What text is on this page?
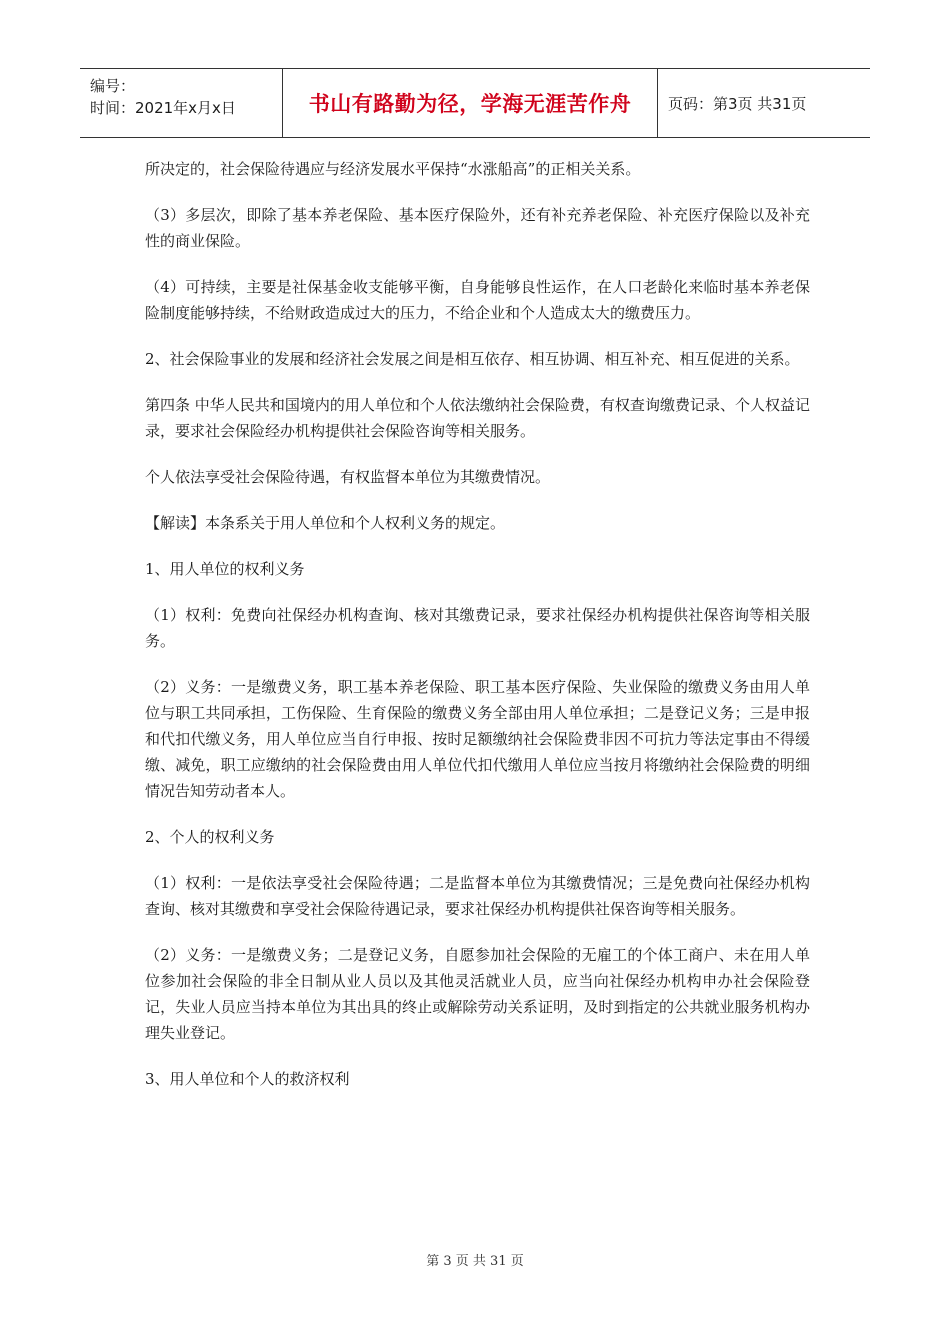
编号：
时间：2021年x月x日	书山有路勤为径，学海无涯苦作舟	页码：第3页 共31页

所决定的，社会保险待遇应与经济发展水平保持“水涨船高”的正相关关系。

（3）多层次，即除了基本养老保险、基本医疗保险外，还有补充养老保险、补充医疗保险以及补充性的商业保险。

（4）可持续，主要是社保基金收支能够平衡，自身能够良性运作，在人口老龄化来临时基本养老保险制度能够持续，不给财政造成过大的压力，不给企业和个人造成太大的缴费压力。

2、社会保险事业的发展和经济社会发展之间是相互依存、相互协调、相互补充、相互促进的关系。

第四条 中华人民共和国境内的用人单位和个人依法缴纳社会保险费，有权查询缴费记录、个人权益记录，要求社会保险经办机构提供社会保险咨询等相关服务。

个人依法享受社会保险待遇，有权监督本单位为其缴费情况。

【解读】本条系关于用人单位和个人权利义务的规定。

1、用人单位的权利义务

（1）权利：免费向社保经办机构查询、核对其缴费记录，要求社保经办机构提供社保咨询等相关服务。

（2）义务：一是缴费义务，职工基本养老保险、职工基本医疗保险、失业保险的缴费义务由用人单位与职工共同承担，工伤保险、生育保险的缴费义务全部由用人单位承担；二是登记义务；三是申报和代扣代缴义务，用人单位应当自行申报、按时足额缴纳社会保险费非因不可抗力等法定事由不得缓缴、减免，职工应缴纳的社会保险费由用人单位代扣代缴用人单位应当按月将缴纳社会保险费的明细情况告知劳动者本人。

2、个人的权利义务

（1）权利：一是依法享受社会保险待遇；二是监督本单位为其缴费情况；三是免费向社保经办机构查询、核对其缴费和享受社会保险待遇记录，要求社保经办机构提供社保咨询等相关服务。

（2）义务：一是缴费义务；二是登记义务，自愿参加社会保险的无雇工的个体工商户、未在用人单位参加社会保险的非全日制从业人员以及其他灵活就业人员，应当向社保经办机构申办社会保险登记，失业人员应当持本单位为其出具的终止或解除劳动关系证明，及时到指定的公共就业服务机构办理失业登记。

3、用人单位和个人的救济权利

第 3 页 共 31 页
